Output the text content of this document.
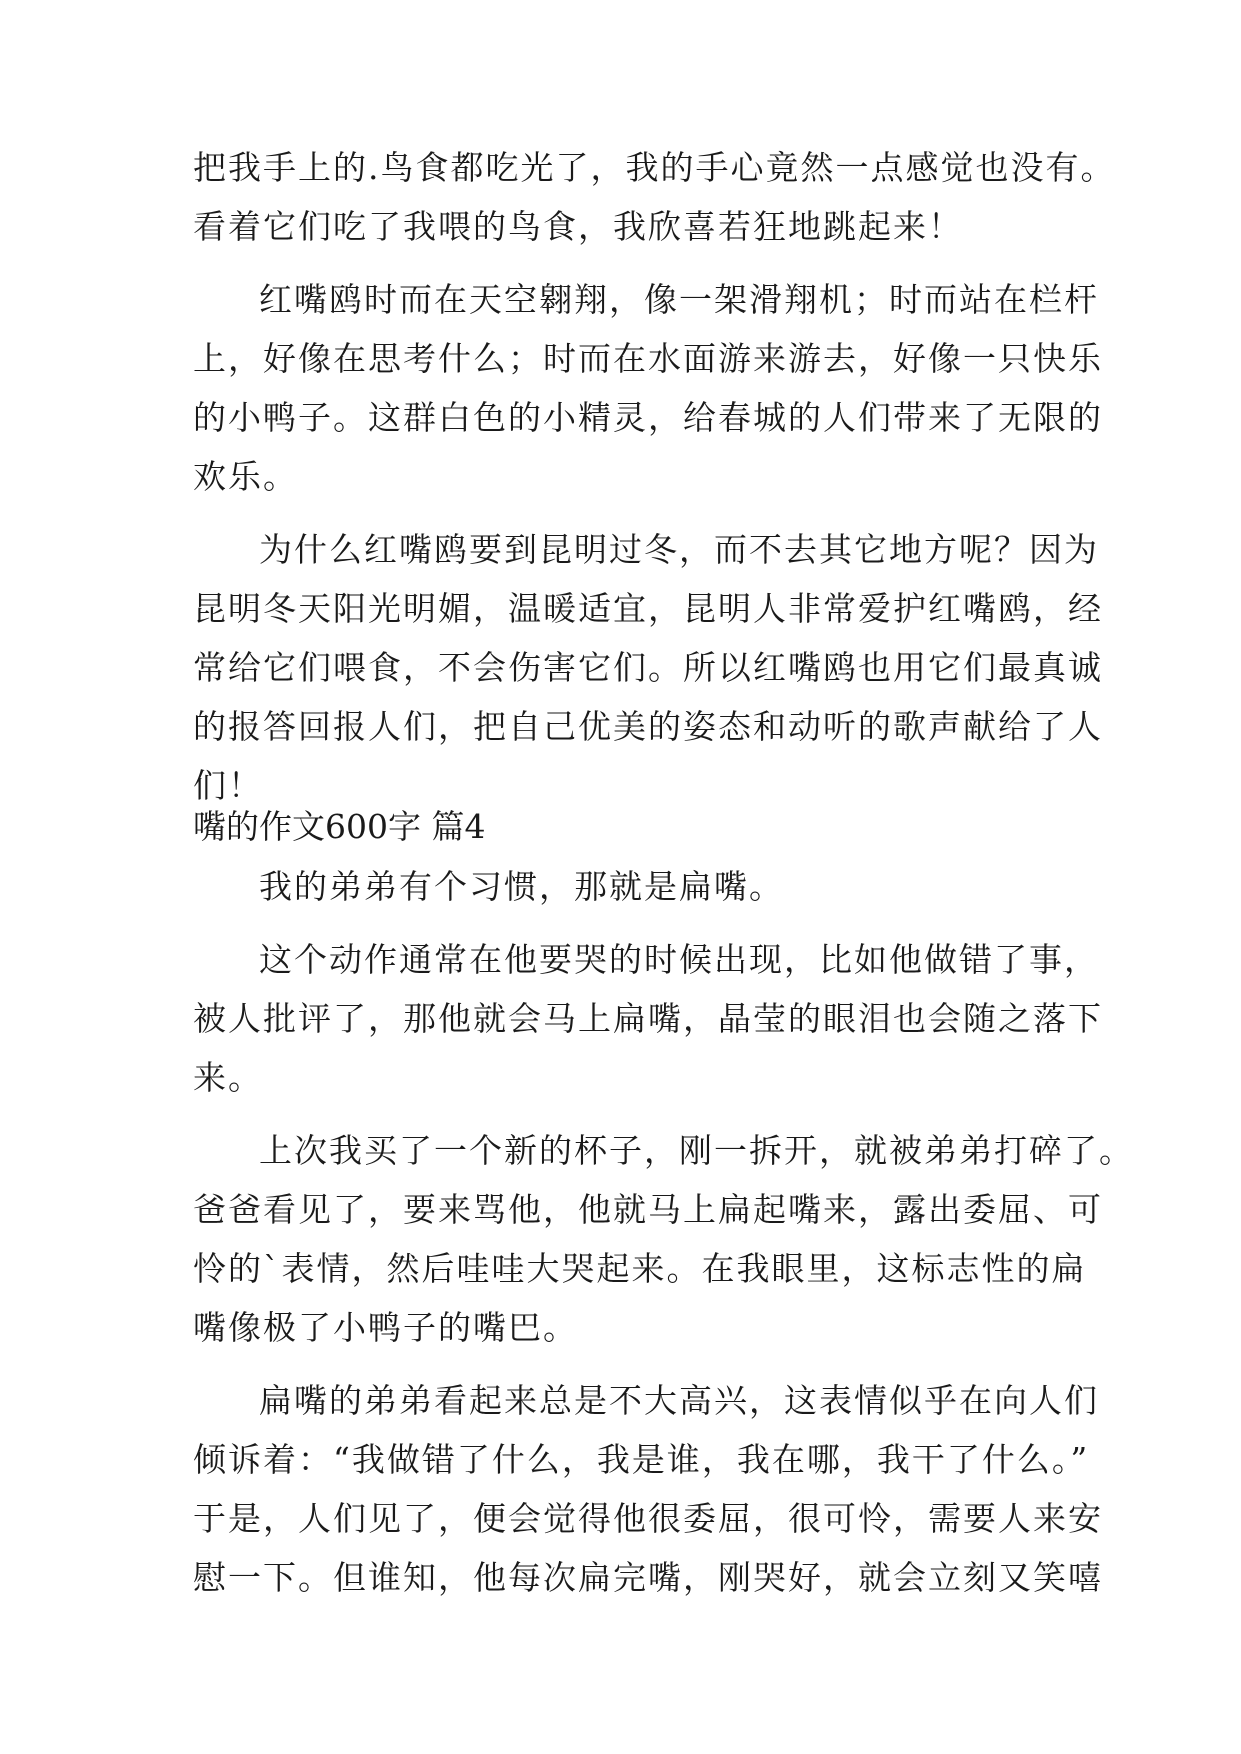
把我手上的.鸟食都吃光了，我的手心竟然一点感觉也没有。
看着它们吃了我喂的鸟食，我欣喜若狂地跳起来！
红嘴鸥时而在天空翱翔，像一架滑翔机；时而站在栏杆
上，好像在思考什么；时而在水面游来游去，好像一只快乐
的小鸭子。这群白色的小精灵，给春城的人们带来了无限的
欢乐。
为什么红嘴鸥要到昆明过冬，而不去其它地方呢？因为
昆明冬天阳光明媚，温暖适宜，昆明人非常爱护红嘴鸥，经
常给它们喂食，不会伤害它们。所以红嘴鸥也用它们最真诚
的报答回报人们，把自己优美的姿态和动听的歌声献给了人
们！
嘴的作文600字 篇4
我的弟弟有个习惯，那就是扁嘴。
这个动作通常在他要哭的时候出现，比如他做错了事，
被人批评了，那他就会马上扁嘴，晶莹的眼泪也会随之落下
来。
上次我买了一个新的杯子，刚一拆开，就被弟弟打碎了。
爸爸看见了，要来骂他，他就马上扁起嘴来，露出委屈、可
怜的`表情，然后哇哇大哭起来。在我眼里，这标志性的扁
嘴像极了小鸭子的嘴巴。
扁嘴的弟弟看起来总是不大高兴，这表情似乎在向人们
倾诉着：“我做错了什么，我是谁，我在哪，我干了什么。”
于是，人们见了，便会觉得他很委屈，很可怜，需要人来安
慰一下。但谁知，他每次扁完嘴，刚哭好，就会立刻又笑嘻
